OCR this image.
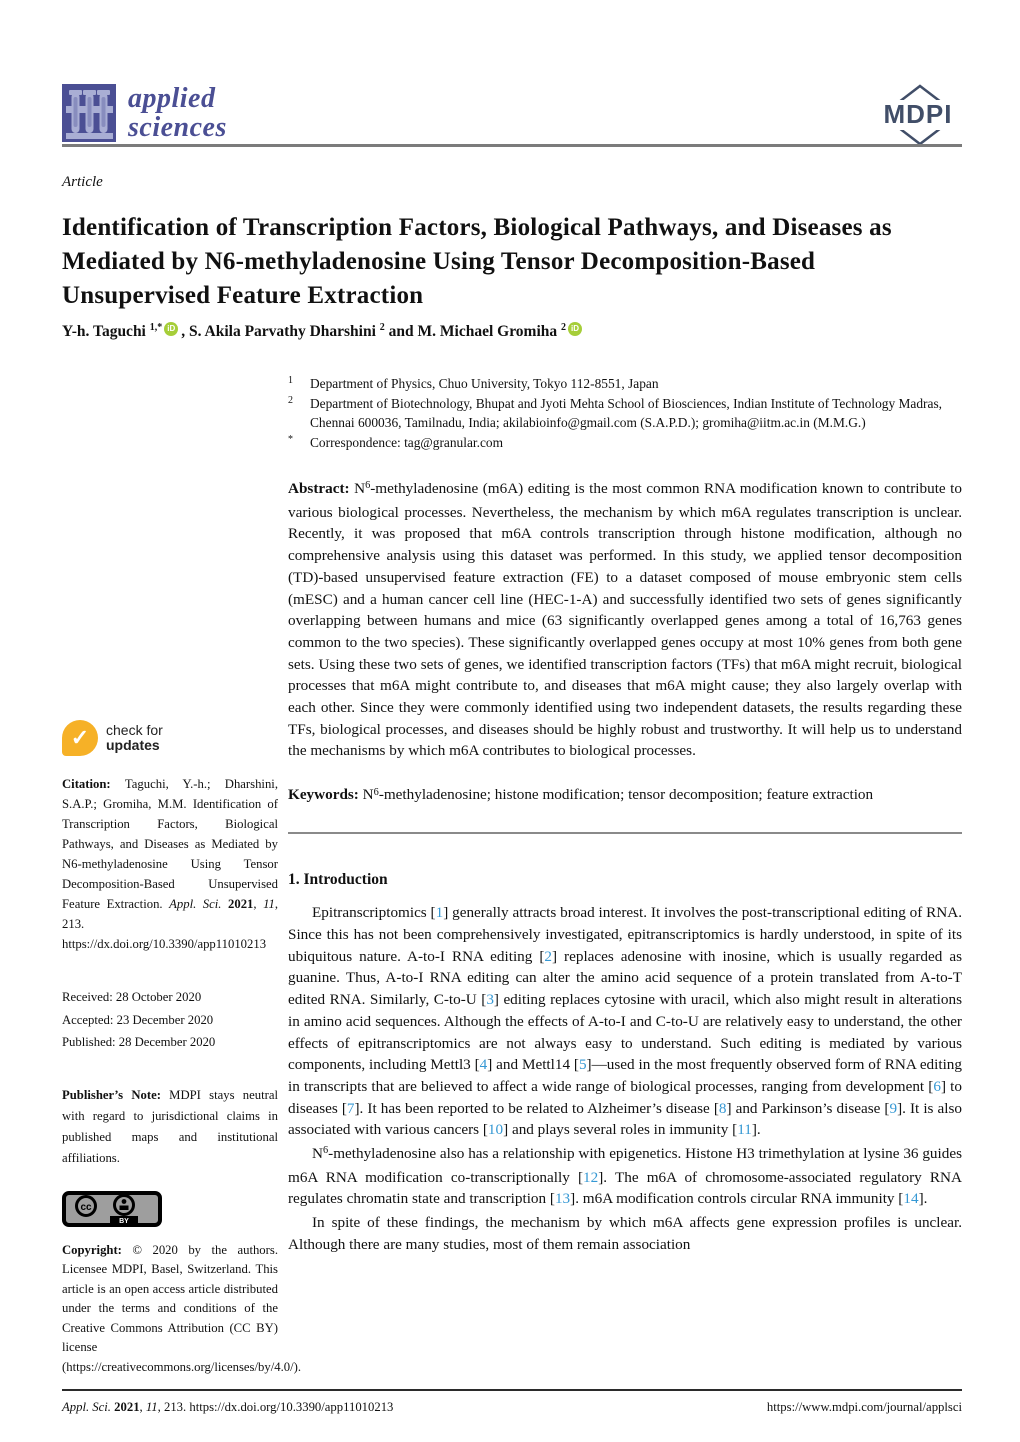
applied
sciences	MDPI
Article
Identification of Transcription Factors, Biological Pathways, and Diseases as Mediated by N6-methyladenosine Using Tensor Decomposition-Based Unsupervised Feature Extraction
Y-h. Taguchi $^{1,*}$ iD , S. Akila Parvathy Dharshini $^2$ and M. Michael Gromiha $^2$ iD
✓	check for
updates
Citation: Taguchi, Y.-h.; Dharshini, S.A.P.; Gromiha, M.M. Identification of Transcription Factors, Biological Pathways, and Diseases as Mediated by N6-methyladenosine Using Tensor Decomposition-Based Unsupervised Feature Extraction. Appl. Sci. 2021, 11, 213. https://dx.doi.org/10.3390/app11010213
Received: 28 October 2020
Accepted: 23 December 2020
Published: 28 December 2020
Publisher’s Note: MDPI stays neutral with regard to jurisdictional claims in published maps and institutional affiliations.
cc
BY
Copyright: © 2020 by the authors. Licensee MDPI, Basel, Switzerland. This article is an open access article distributed under the terms and conditions of the Creative Commons Attribution (CC BY) license (https://creativecommons.org/licenses/by/4.0/).
1	Department of Physics, Chuo University, Tokyo 112-8551, Japan
2	Department of Biotechnology, Bhupat and Jyoti Mehta School of Biosciences, Indian Institute of Technology Madras, Chennai 600036, Tamilnadu, India; akilabioinfo@gmail.com (S.A.P.D.); gromiha@iitm.ac.in (M.M.G.)
*	Correspondence: tag@granular.com
Abstract: $N^6$-methyladenosine (m6A) editing is the most common RNA modification known to contribute to various biological processes. Nevertheless, the mechanism by which m6A regulates transcription is unclear. Recently, it was proposed that m6A controls transcription through histone modification, although no comprehensive analysis using this dataset was performed. In this study, we applied tensor decomposition (TD)-based unsupervised feature extraction (FE) to a dataset composed of mouse embryonic stem cells (mESC) and a human cancer cell line (HEC-1-A) and successfully identified two sets of genes significantly overlapping between humans and mice (63 significantly overlapped genes among a total of 16,763 genes common to the two species). These significantly overlapped genes occupy at most 10% genes from both gene sets. Using these two sets of genes, we identified transcription factors (TFs) that m6A might recruit, biological processes that m6A might contribute to, and diseases that m6A might cause; they also largely overlap with each other. Since they were commonly identified using two independent datasets, the results regarding these TFs, biological processes, and diseases should be highly robust and trustworthy. It will help us to understand the mechanisms by which m6A contributes to biological processes.
Keywords: $N^6$-methyladenosine; histone modification; tensor decomposition; feature extraction
1. Introduction

Epitranscriptomics [1] generally attracts broad interest. It involves the post-transcriptional editing of RNA. Since this has not been comprehensively investigated, epitranscriptomics is hardly understood, in spite of its ubiquitous nature. A-to-I RNA editing [2] replaces adenosine with inosine, which is usually regarded as guanine. Thus, A-to-I RNA editing can alter the amino acid sequence of a protein translated from A-to-T edited RNA. Similarly, C-to-U [3] editing replaces cytosine with uracil, which also might result in alterations in amino acid sequences. Although the effects of A-to-I and C-to-U are relatively easy to understand, the other effects of epitranscriptomics are not always easy to understand. Such editing is mediated by various components, including Mettl3 [4] and Mettl14 [5]—used in the most frequently observed form of RNA editing in transcripts that are believed to affect a wide range of biological processes, ranging from development [6] to diseases [7]. It has been reported to be related to Alzheimer’s disease [8] and Parkinson’s disease [9]. It is also associated with various cancers [10] and plays several roles in immunity [11].

$N^6$-methyladenosine also has a relationship with epigenetics. Histone H3 trimethylation at lysine 36 guides m6A RNA modification co-transcriptionally [12]. The m6A of chromosome-associated regulatory RNA regulates chromatin state and transcription [13]. m6A modification controls circular RNA immunity [14].

In spite of these findings, the mechanism by which m6A affects gene expression profiles is unclear. Although there are many studies, most of them remain association

Appl. Sci. 2021, 11, 213. https://dx.doi.org/10.3390/app11010213	https://www.mdpi.com/journal/applsci
